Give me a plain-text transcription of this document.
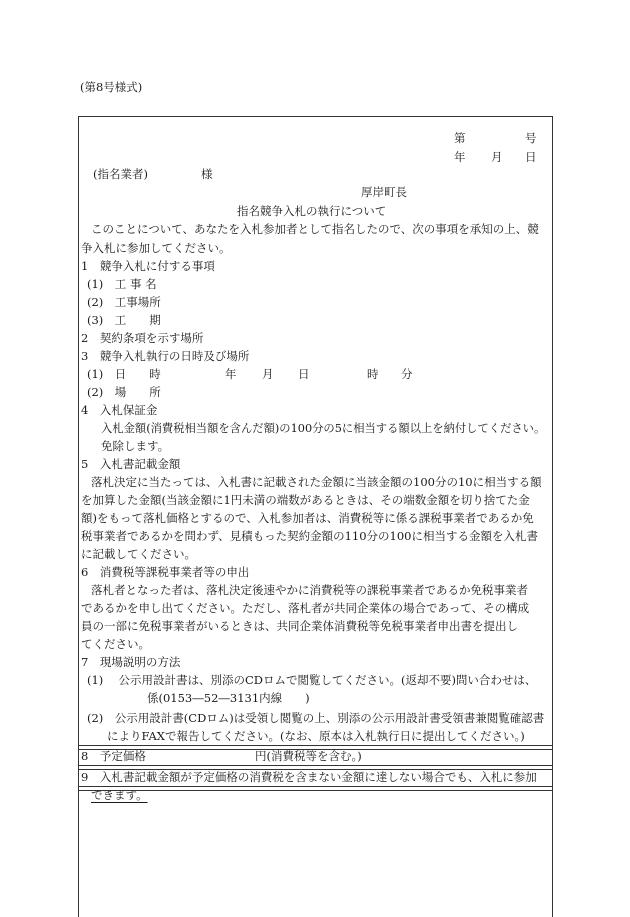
(第8号様式)
第	号
年 月 日
(指名業者)	様
厚岸町長
指名競争入札の執行について
このことについて、あなたを入札参加者として指名したので、次の事項を承知の上、競
争入札に参加してください。
1　競争入札に付する事項
(1)　工 事 名
(2)　工事場所
(3)　工　　期
2　契約条項を示す場所
3　競争入札執行の日時及び場所
(1)　日　　時	年 月 日	時 分
(2)　場　　所
4　入札保証金
入札金額(消費税相当額を含んだ額)の100分の5に相当する額以上を納付してください。
免除します。
5　入札書記載金額
落札決定に当たっては、入札書に記載された金額に当該金額の100分の10に相当する額
を加算した金額(当該金額に1円未満の端数があるときは、その端数金額を切り捨てた金
額)をもって落札価格とするので、入札参加者は、消費税等に係る課税事業者であるか免
税事業者であるかを問わず、見積もった契約金額の110分の100に相当する金額を入札書
に記載してください。
6　消費税等課税事業者等の申出
落札者となった者は、落札決定後速やかに消費税等の課税事業者であるか免税事業者
であるかを申し出てください。ただし、落札者が共同企業体の場合であって、その構成
員の一部に免税事業者がいるときは、共同企業体消費税等免税事業者申出書を提出し
てください。
7　現場説明の方法
(1)　 公示用設計書は、別添のCDロムで閲覧してください。(返却不要)問い合わせは、
係(0153―52―3131内線　　)
(2)　公示用設計書(CDロム)は受領し閲覧の上、別添の公示用設計書受領書兼閲覧確認書
によりFAXで報告してください。(なお、原本は入札執行日に提出してください。)
8　予定価格	円(消費税等を含む。)
9　入札書記載金額が予定価格の消費税を含まない金額に達しない場合でも、入札に参加
できます。
